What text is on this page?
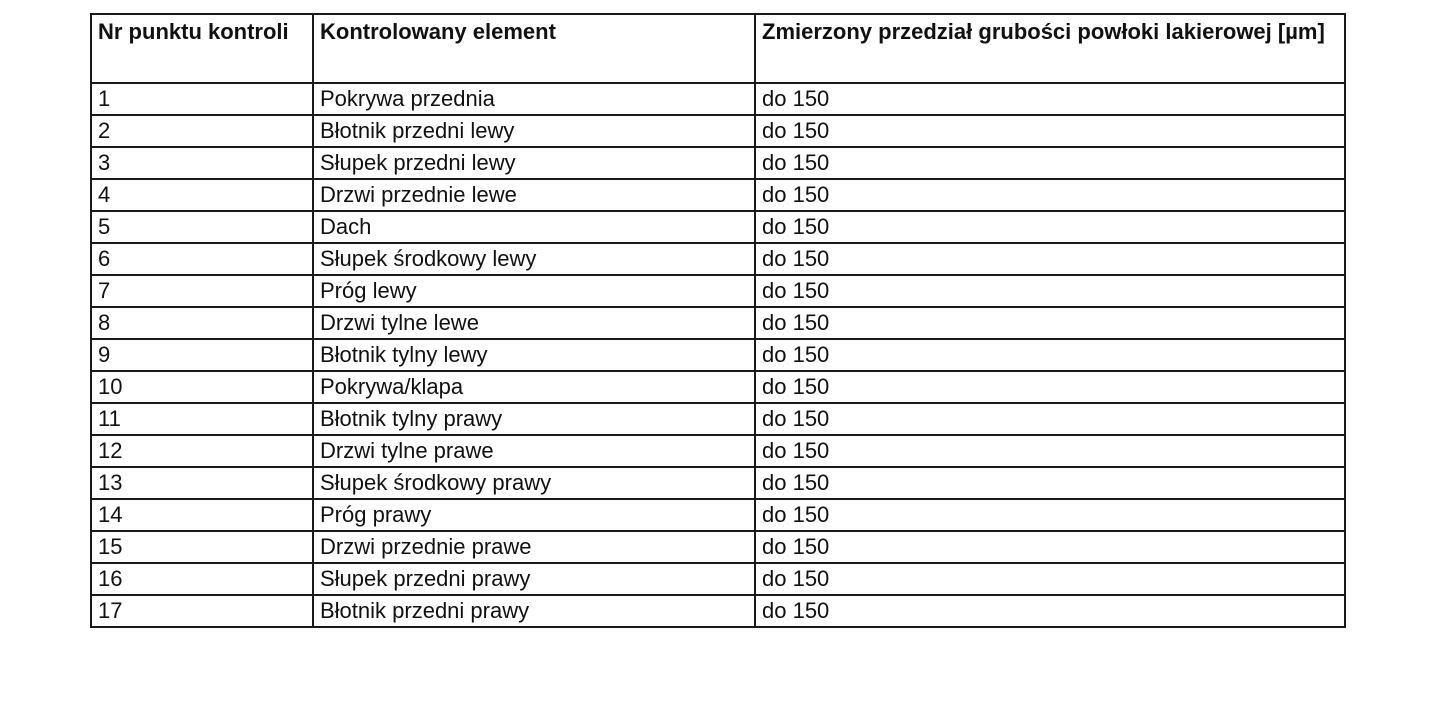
Nr punktu kontroli	Kontrolowany element	Zmierzony przedział grubości powłoki lakierowej [µm]
1	Pokrywa przednia	do 150
2	Błotnik przedni lewy	do 150
3	Słupek przedni lewy	do 150
4	Drzwi przednie lewe	do 150
5	Dach	do 150
6	Słupek środkowy lewy	do 150
7	Próg lewy	do 150
8	Drzwi tylne lewe	do 150
9	Błotnik tylny lewy	do 150
10	Pokrywa/klapa	do 150
11	Błotnik tylny prawy	do 150
12	Drzwi tylne prawe	do 150
13	Słupek środkowy prawy	do 150
14	Próg prawy	do 150
15	Drzwi przednie prawe	do 150
16	Słupek przedni prawy	do 150
17	Błotnik przedni prawy	do 150
